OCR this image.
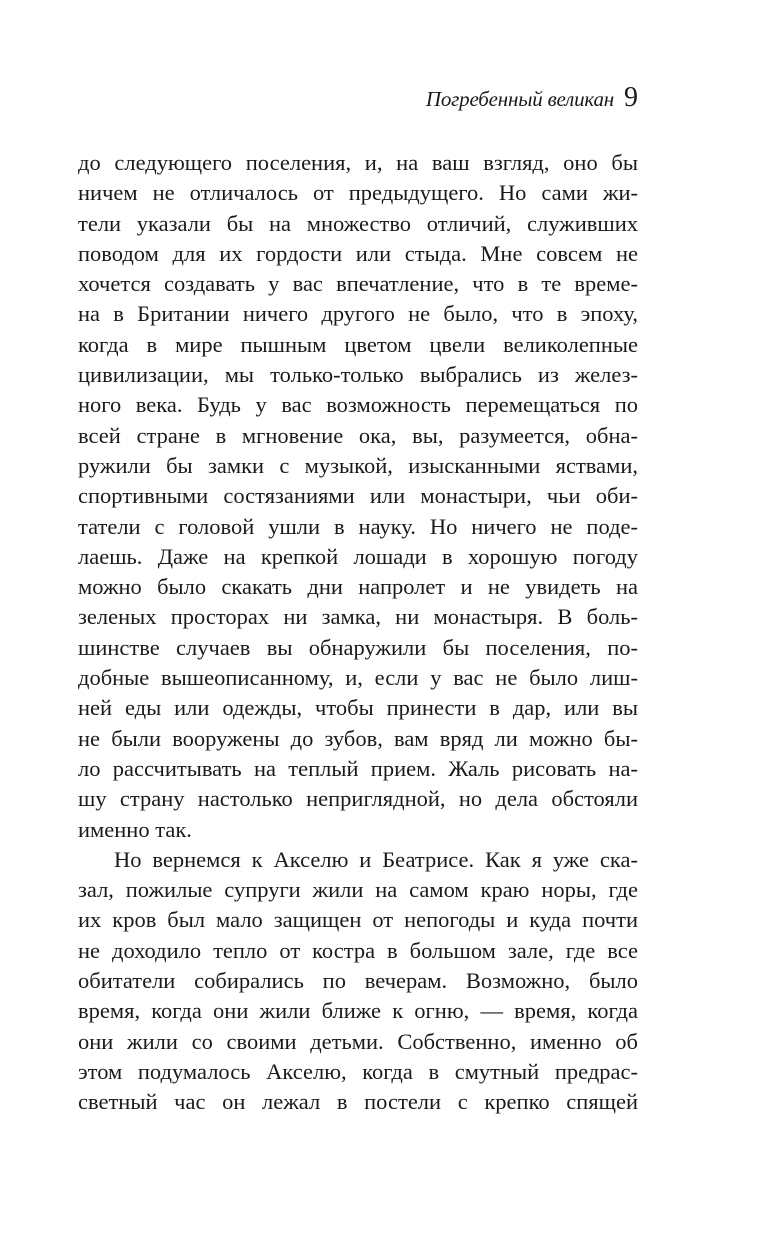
Погребенный великан 9
до следующего поселения, и, на ваш взгляд, оно бы
ничем не отличалось от предыдущего. Но сами жи-
тели указали бы на множество отличий, служивших
поводом для их гордости или стыда. Мне совсем не
хочется создавать у вас впечатление, что в те време-
на в Британии ничего другого не было, что в эпоху,
когда в мире пышным цветом цвели великолепные
цивилизации, мы только-только выбрались из желез-
ного века. Будь у вас возможность перемещаться по
всей стране в мгновение ока, вы, разумеется, обна-
ружили бы замки с музыкой, изысканными яствами,
спортивными состязаниями или монастыри, чьи оби-
татели с головой ушли в науку. Но ничего не поде-
лаешь. Даже на крепкой лошади в хорошую погоду
можно было скакать дни напролет и не увидеть на
зеленых просторах ни замка, ни монастыря. В боль-
шинстве случаев вы обнаружили бы поселения, по-
добные вышеописанному, и, если у вас не было лиш-
ней еды или одежды, чтобы принести в дар, или вы
не были вооружены до зубов, вам вряд ли можно бы-
ло рассчитывать на теплый прием. Жаль рисовать на-
шу страну настолько неприглядной, но дела обстояли
именно так.
Но вернемся к Акселю и Беатрисе. Как я уже ска-
зал, пожилые супруги жили на самом краю норы, где
их кров был мало защищен от непогоды и куда почти
не доходило тепло от костра в большом зале, где все
обитатели собирались по вечерам. Возможно, было
время, когда они жили ближе к огню, — время, когда
они жили со своими детьми. Собственно, именно об
этом подумалось Акселю, когда в смутный предрас-
светный час он лежал в постели с крепко спящей
